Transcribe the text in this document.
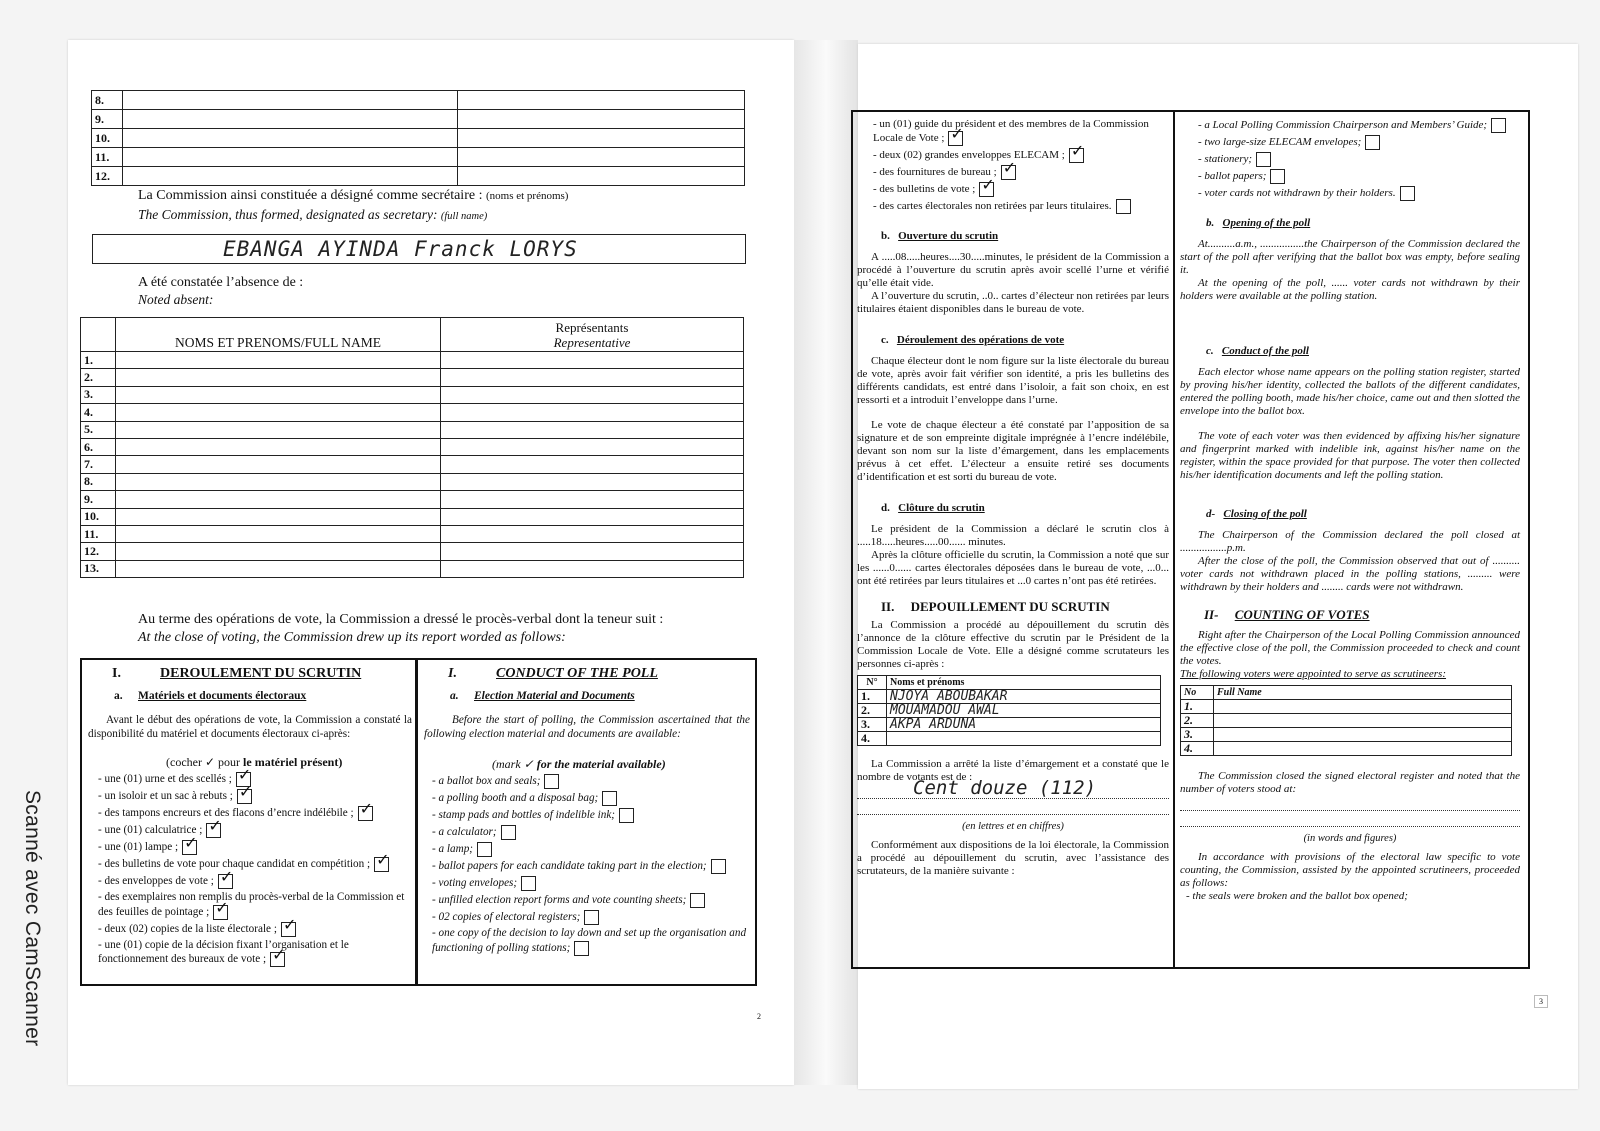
8.		
9.		
10.		
11.		
12.		
La Commission ainsi constituée a désigné comme secrétaire : (noms et prénoms)
The Commission, thus formed, designated as secretary: (full name)
EBANGA AYINDA Franck LORYS
A été constatée l’absence de :
Noted absent:
	NOMS ET PRENOMS/FULL NAME	Représentants
Representative
1.		
2.		
3.		
4.		
5.		
6.		
7.		
8.		
9.		
10.		
11.		
12.		
13.		
Au terme des opérations de vote, la Commission a dressé le procès-verbal dont la teneur suit :
At the close of voting, the Commission drew up its report worded as follows:
I.	DEROULEMENT DU SCRUTIN
a. Matériels et documents électoraux
Avant le début des opérations de vote, la Commission a constaté la disponibilité du matériel et documents électoraux ci-après:
(cocher ✓ pour le matériel présent)
- une (01) urne et des scellés ;✓
- un isoloir et un sac à rebuts ;✓
- des tampons encreurs et des flacons d’encre indélébile ;✓
- une (01) calculatrice ;✓
- une (01) lampe ;✓
- des bulletins de vote pour chaque candidat en compétition ;✓
- des enveloppes de vote ;✓
- des exemplaires non remplis du procès-verbal de la Commission et des feuilles de pointage ;✓
- deux (02) copies de la liste électorale ;✓
- une (01) copie de la décision fixant l’organisation et le fonctionnement des bureaux de vote ;✓
I.	CONDUCT OF THE POLL
a. Election Material and Documents
Before the start of polling, the Commission ascertained that the following election material and documents are available:
(mark ✓ for the material available)
- a ballot box and seals;
- a polling booth and a disposal bag;
- stamp pads and bottles of indelible ink;
- a calculator;
- a lamp;
- ballot papers for each candidate taking part in the election;
- voting envelopes;
- unfilled election report forms and vote counting sheets;
- 02 copies of electoral registers;
- one copy of the decision to lay down and set up the organisation and functioning of polling stations;
2
- un (01) guide du président et des membres de la Commission Locale de Vote ;✓
- deux (02) grandes enveloppes ELECAM ;✓
- des fournitures de bureau ;✓
- des bulletins de vote ;✓
- des cartes électorales non retirées par leurs titulaires.
b. Ouverture du scrutin
A .....08.....heures....30.....minutes, le président de la Commission a procédé à l’ouverture du scrutin après avoir scellé l’urne et vérifié qu’elle était vide.
A l’ouverture du scrutin, ..0.. cartes d’électeur non retirées par leurs titulaires étaient disponibles dans le bureau de vote.
c. Déroulement des opérations de vote
Chaque électeur dont le nom figure sur la liste électorale du bureau de vote, après avoir fait vérifier son identité, a pris les bulletins des différents candidats, est entré dans l’isoloir, a fait son choix, en est ressorti et a introduit l’enveloppe dans l’urne.
Le vote de chaque électeur a été constaté par l’apposition de sa signature et de son empreinte digitale imprégnée à l’encre indélébile, devant son nom sur la liste d’émargement, dans les emplacements prévus à cet effet. L’électeur a ensuite retiré ses documents d’identification et est sorti du bureau de vote.
d. Clôture du scrutin
Le président de la Commission a déclaré le scrutin clos à .....18.....heures.....00...... minutes.
Après la clôture officielle du scrutin, la Commission a noté que sur les ......0...... cartes électorales déposées dans le bureau de vote, ...0... ont été retirées par leurs titulaires et ...0 cartes n’ont pas été retirées.
II. DEPOUILLEMENT DU SCRUTIN
La Commission a procédé au dépouillement du scrutin dès l’annonce de la clôture effective du scrutin par le Président de la Commission Locale de Vote. Elle a désigné comme scrutateurs les personnes ci-après :
N°	Noms et prénoms
1.	NJOYA ABOUBAKAR
2.	MOUAMADOU AWAL
3.	AKPA ARDUNA
4.	
La Commission a arrêté la liste d’émargement et a constaté que le nombre de votants est de :
Cent douze (112)
(en lettres et en chiffres)
Conformément aux dispositions de la loi électorale, la Commission a procédé au dépouillement du scrutin, avec l’assistance des scrutateurs, de la manière suivante :
- a Local Polling Commission Chairperson and Members’ Guide;
- two large-size ELECAM envelopes;
- stationery;
- ballot papers;
- voter cards not withdrawn by their holders.
b. Opening of the poll
At..........a.m., ................the Chairperson of the Commission declared the start of the poll after verifying that the ballot box was empty, before sealing it.
At the opening of the poll, ...... voter cards not withdrawn by their holders were available at the polling station.
c. Conduct of the poll
Each elector whose name appears on the polling station register, started by proving his/her identity, collected the ballots of the different candidates, entered the polling booth, made his/her choice, came out and then slotted the envelope into the ballot box.
The vote of each voter was then evidenced by affixing his/her signature and fingerprint marked with indelible ink, against his/her name on the register, within the space provided for that purpose. The voter then collected his/her identification documents and left the polling station.
d- Closing of the poll
The Chairperson of the Commission declared the poll closed at .................p.m.
After the close of the poll, the Commission observed that out of .......... voter cards not withdrawn placed in the polling stations, ......... were withdrawn by their holders and ........ cards were not withdrawn.
II- COUNTING OF VOTES
Right after the Chairperson of the Local Polling Commission announced the effective close of the poll, the Commission proceeded to check and count the votes.
The following voters were appointed to serve as scrutineers:
No	Full Name
1.	
2.	
3.	
4.	
The Commission closed the signed electoral register and noted that the number of voters stood at:
(in words and figures)
In accordance with provisions of the electoral law specific to vote counting, the Commission, assisted by the appointed scrutineers, proceeded as follows:
- the seals were broken and the ballot box opened;
3
Scanné avec CamScanner
